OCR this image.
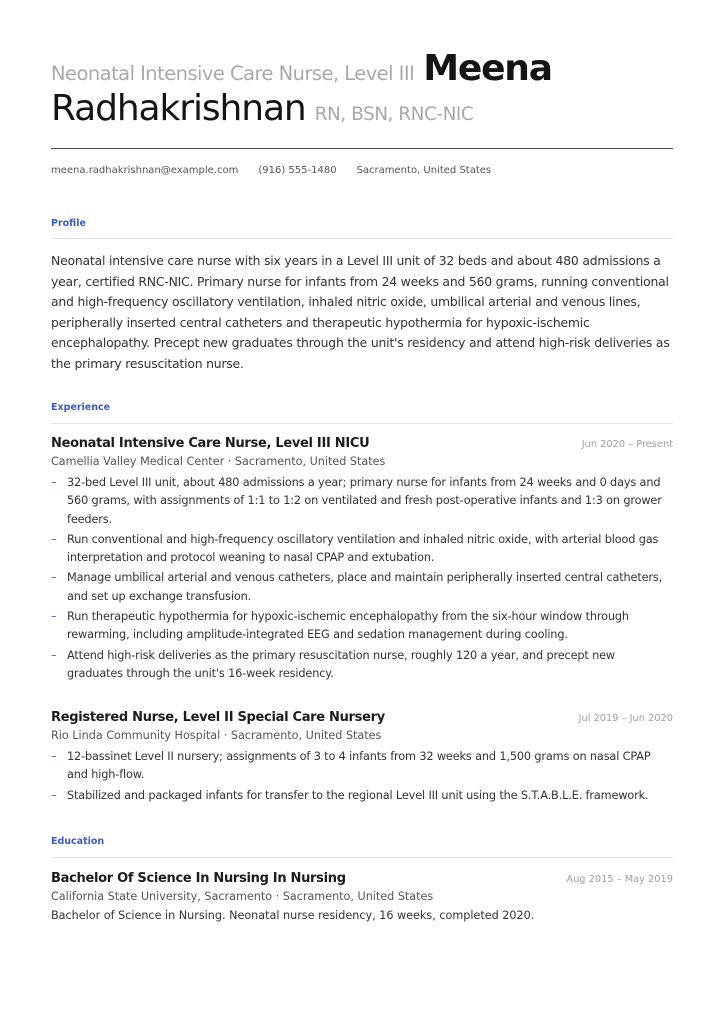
Neonatal Intensive Care Nurse, Level III Meena
Radhakrishnan RN, BSN, RNC-NIC
meena.radhakrishnan@example.com (916) 555-1480 Sacramento, United States
Profile
Neonatal intensive care nurse with six years in a Level III unit of 32 beds and about 480 admissions a year, certified RNC-NIC. Primary nurse for infants from 24 weeks and 560 grams, running conventional and high-frequency oscillatory ventilation, inhaled nitric oxide, umbilical arterial and venous lines, peripherally inserted central catheters and therapeutic hypothermia for hypoxic-ischemic encephalopathy. Precept new graduates through the unit's residency and attend high-risk deliveries as the primary resuscitation nurse.
Experience
Neonatal Intensive Care Nurse, Level III NICU	Jun 2020 – Present
Camellia Valley Medical Center · Sacramento, United States
– 32-bed Level III unit, about 480 admissions a year; primary nurse for infants from 24 weeks and 0 days and 560 grams, with assignments of 1:1 to 1:2 on ventilated and fresh post-operative infants and 1:3 on grower feeders.
– Run conventional and high-frequency oscillatory ventilation and inhaled nitric oxide, with arterial blood gas interpretation and protocol weaning to nasal CPAP and extubation.
– Manage umbilical arterial and venous catheters, place and maintain peripherally inserted central catheters, and set up exchange transfusion.
– Run therapeutic hypothermia for hypoxic-ischemic encephalopathy from the six-hour window through rewarming, including amplitude-integrated EEG and sedation management during cooling.
– Attend high-risk deliveries as the primary resuscitation nurse, roughly 120 a year, and precept new graduates through the unit's 16-week residency.
Registered Nurse, Level II Special Care Nursery	Jul 2019 – Jun 2020
Rio Linda Community Hospital · Sacramento, United States
– 12-bassinet Level II nursery; assignments of 3 to 4 infants from 32 weeks and 1,500 grams on nasal CPAP and high-flow.
– Stabilized and packaged infants for transfer to the regional Level III unit using the S.T.A.B.L.E. framework.
Education
Bachelor Of Science In Nursing In Nursing	Aug 2015 – May 2019
California State University, Sacramento · Sacramento, United States
Bachelor of Science in Nursing. Neonatal nurse residency, 16 weeks, completed 2020.
